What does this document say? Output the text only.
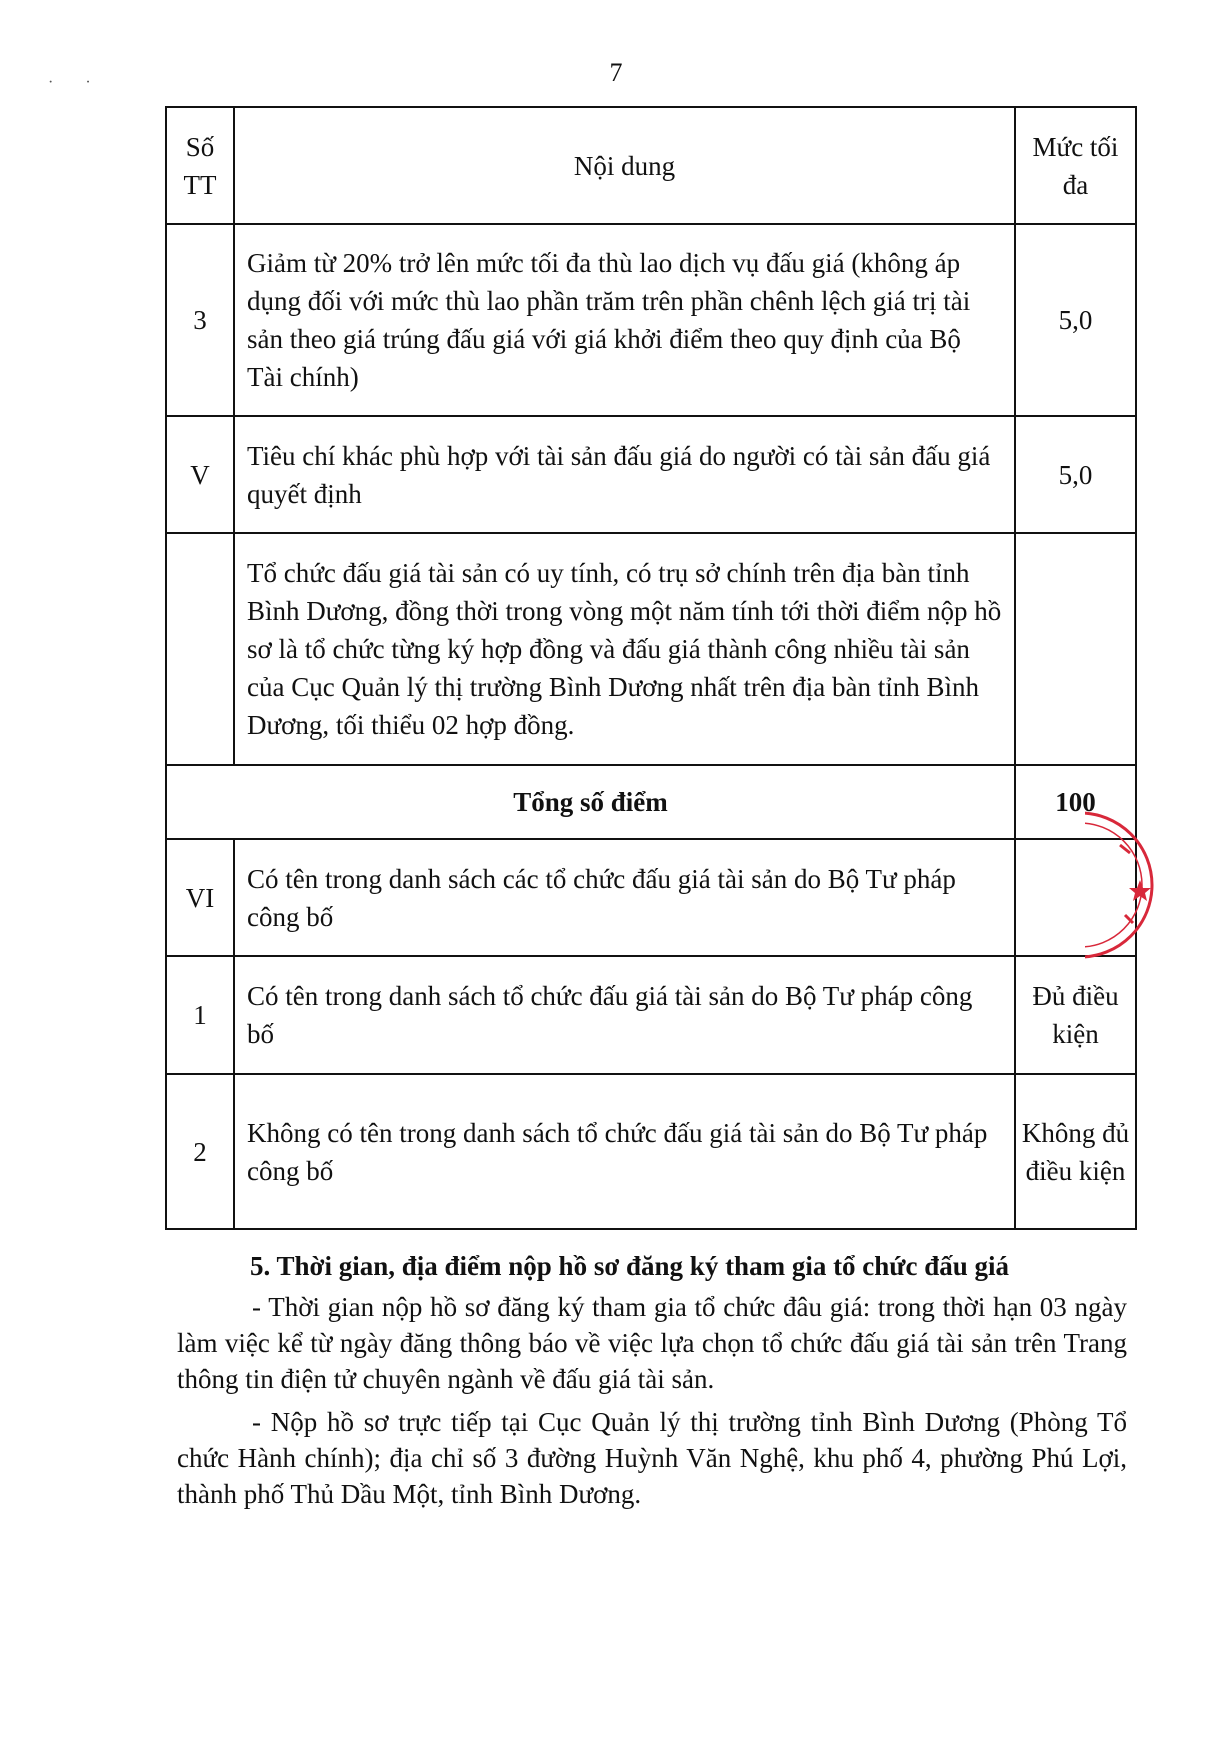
7
· ·
Số TT	Nội dung	Mức tối đa
3	Giảm từ 20% trở lên mức tối đa thù lao dịch vụ đấu giá (không áp dụng đối với mức thù lao phần trăm trên phần chênh lệch giá trị tài sản theo giá trúng đấu giá với giá khởi điểm theo quy định của Bộ Tài chính)	5,0
V	Tiêu chí khác phù hợp với tài sản đấu giá do người có tài sản đấu giá quyết định	5,0
	Tổ chức đấu giá tài sản có uy tính, có trụ sở chính trên địa bàn tỉnh Bình Dương, đồng thời trong vòng một năm tính tới thời điểm nộp hồ sơ là tổ chức từng ký hợp đồng và đấu giá thành công nhiều tài sản của Cục Quản lý thị trường Bình Dương nhất trên địa bàn tỉnh Bình Dương, tối thiểu 02 hợp đồng.	
Tổng số điểm		100
VI	Có tên trong danh sách các tổ chức đấu giá tài sản do Bộ Tư pháp công bố	
1	Có tên trong danh sách tổ chức đấu giá tài sản do Bộ Tư pháp công bố	Đủ điều kiện
2	Không có tên trong danh sách tổ chức đấu giá tài sản do Bộ Tư pháp công bố	Không đủ điều kiện
5. Thời gian, địa điểm nộp hồ sơ đăng ký tham gia tổ chức đấu giá

- Thời gian nộp hồ sơ đăng ký tham gia tổ chức đâu giá: trong thời hạn 03 ngày làm việc kể từ ngày đăng thông báo về việc lựa chọn tổ chức đấu giá tài sản trên Trang thông tin điện tử chuyên ngành về đấu giá tài sản.

- Nộp hồ sơ trực tiếp tại Cục Quản lý thị trường tỉnh Bình Dương (Phòng Tổ chức Hành chính); địa chỉ số 3 đường Huỳnh Văn Nghệ, khu phố 4, phường Phú Lợi, thành phố Thủ Dầu Một, tỉnh Bình Dương.
